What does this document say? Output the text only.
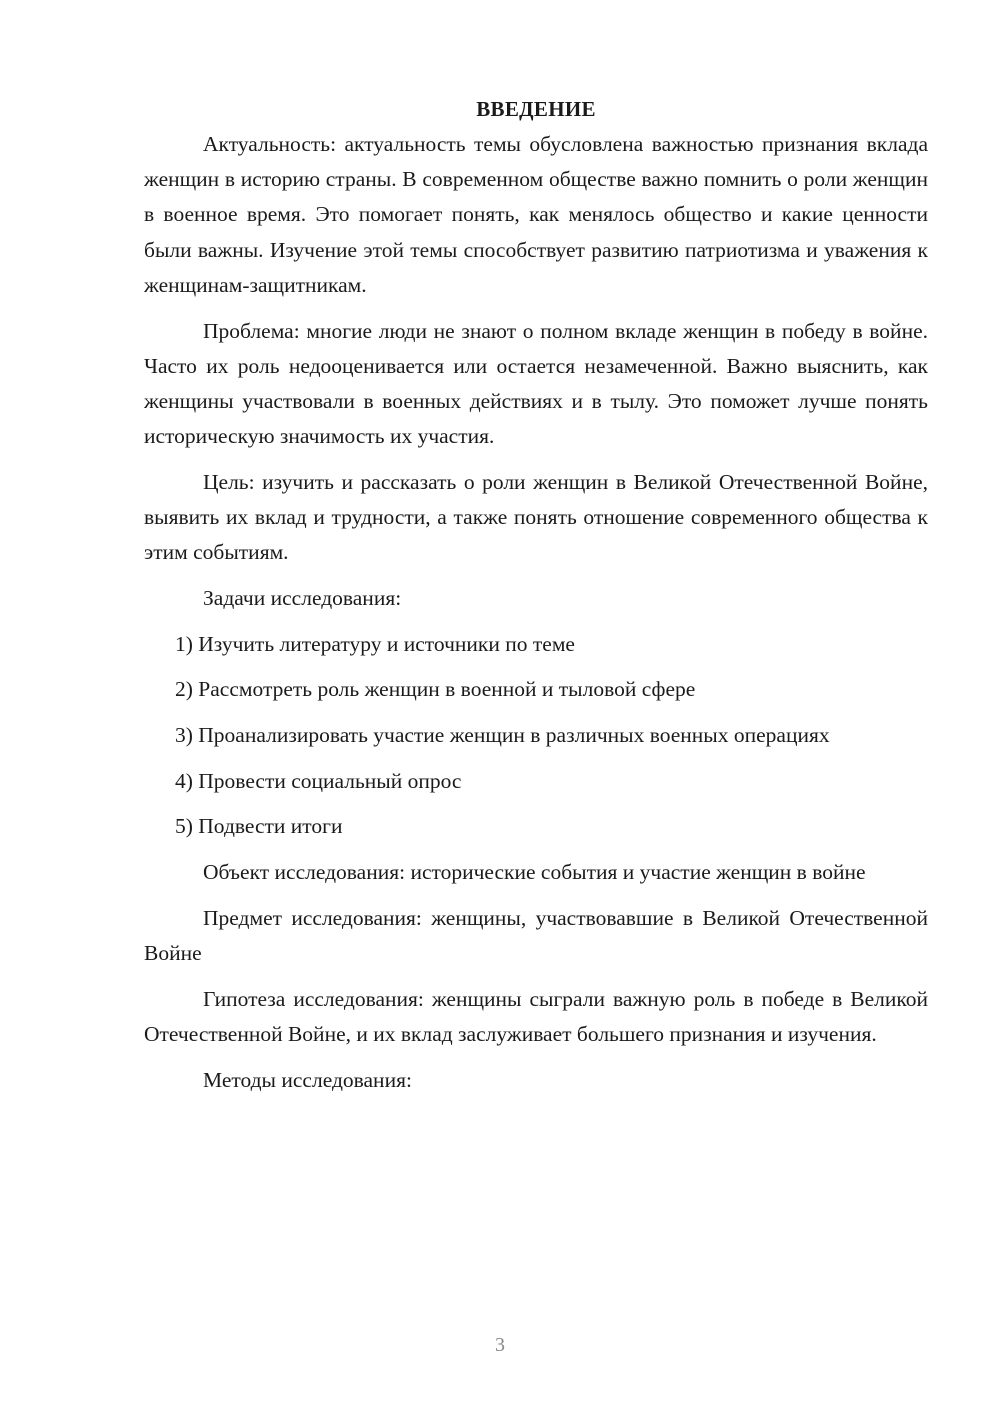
ВВЕДЕНИЕ

Актуальность: актуальность темы обусловлена важностью признания вклада женщин в историю страны. В современном обществе важно помнить о роли женщин в военное время. Это помогает понять, как менялось общество и какие ценности были важны. Изучение этой темы способствует развитию патриотизма и уважения к женщинам-защитникам.

Проблема: многие люди не знают о полном вкладе женщин в победу в войне. Часто их роль недооценивается или остается незамеченной. Важно выяснить, как женщины участвовали в военных действиях и в тылу. Это поможет лучше понять историческую значимость их участия.

Цель: изучить и рассказать о роли женщин в Великой Отечественной Войне, выявить их вклад и трудности, а также понять отношение современного общества к этим событиям.

Задачи исследования:

1) Изучить литературу и источники по теме

2) Рассмотреть роль женщин в военной и тыловой сфере

3) Проанализировать участие женщин в различных военных операциях

4) Провести социальный опрос

5) Подвести итоги

Объект исследования: исторические события и участие женщин в войне

Предмет исследования: женщины, участвовавшие в Великой Отечественной Войне

Гипотеза исследования: женщины сыграли важную роль в победе в Великой Отечественной Войне, и их вклад заслуживает большего признания и изучения.

Методы исследования:

3
